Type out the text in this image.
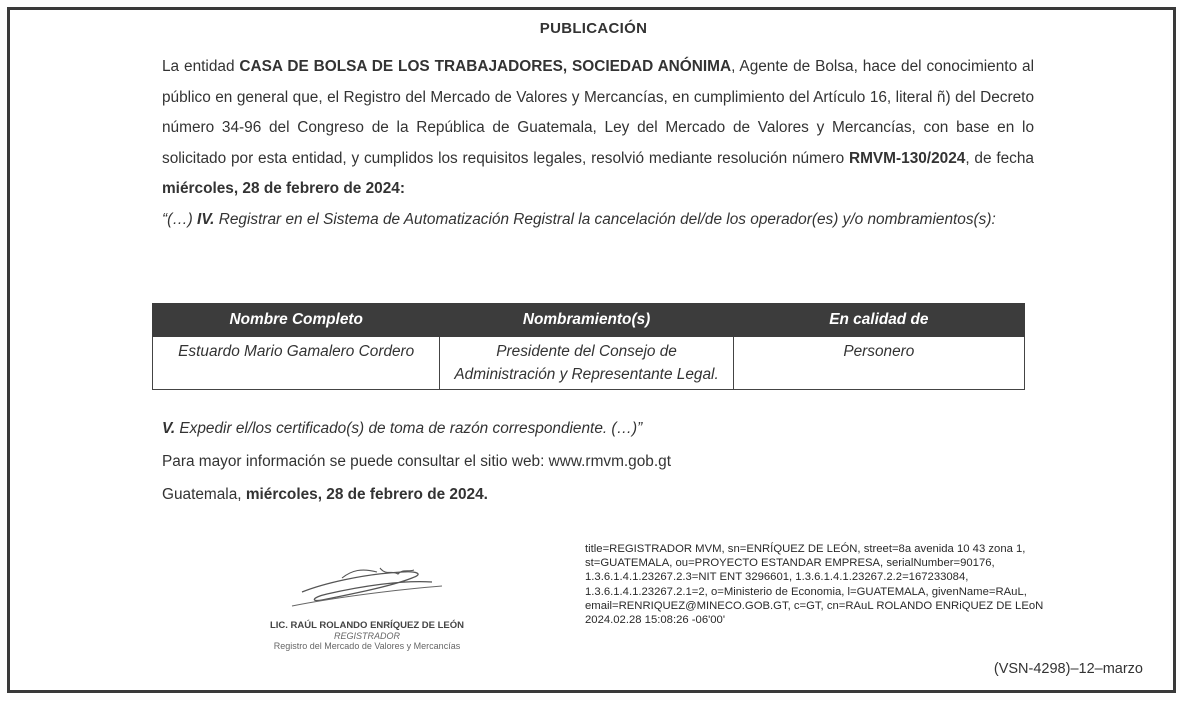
PUBLICACIÓN

La entidad CASA DE BOLSA DE LOS TRABAJADORES, SOCIEDAD ANÓNIMA, Agente de Bolsa, hace del conocimiento al público en general que, el Registro del Mercado de Valores y Mercancías, en cumplimiento del Artículo 16, literal ñ) del Decreto número 34-96 del Congreso de la República de Guatemala, Ley del Mercado de Valores y Mercancías, con base en lo solicitado por esta entidad, y cumplidos los requisitos legales, resolvió mediante resolución número RMVM-130/2024, de fecha miércoles, 28 de febrero de 2024:
“(…) IV. Registrar en el Sistema de Automatización Registral la cancelación del/de los operador(es) y/o nombramientos(s):

Nombre Completo	Nombramiento(s)	En calidad de
Estuardo Mario Gamalero Cordero	Presidente del Consejo de Administración y Representante Legal.	Personero

V. Expedir el/los certificado(s) de toma de razón correspondiente. (…)”

Para mayor información se puede consultar el sitio web: www.rmvm.gob.gt

Guatemala, miércoles, 28 de febrero de 2024.

LIC. RAÚL ROLANDO ENRÍQUEZ DE LEÓN
REGISTRADOR
Registro del Mercado de Valores y Mercancías
title=REGISTRADOR MVM, sn=ENRÍQUEZ DE LEÓN, street=8a avenida 10 43 zona 1, st=GUATEMALA, ou=PROYECTO ESTANDAR EMPRESA, serialNumber=90176, 1.3.6.1.4.1.23267.2.3=NIT ENT 3296601, 1.3.6.1.4.1.23267.2.2=167233084, 1.3.6.1.4.1.23267.2.1=2, o=Ministerio de Economia, l=GUATEMALA, givenName=RAuL, email=RENRIQUEZ@MINECO.GOB.GT, c=GT, cn=RAuL ROLANDO ENRiQUEZ DE LEoN
2024.02.28 15:08:26 -06'00'
(VSN-4298)–12–marzo
